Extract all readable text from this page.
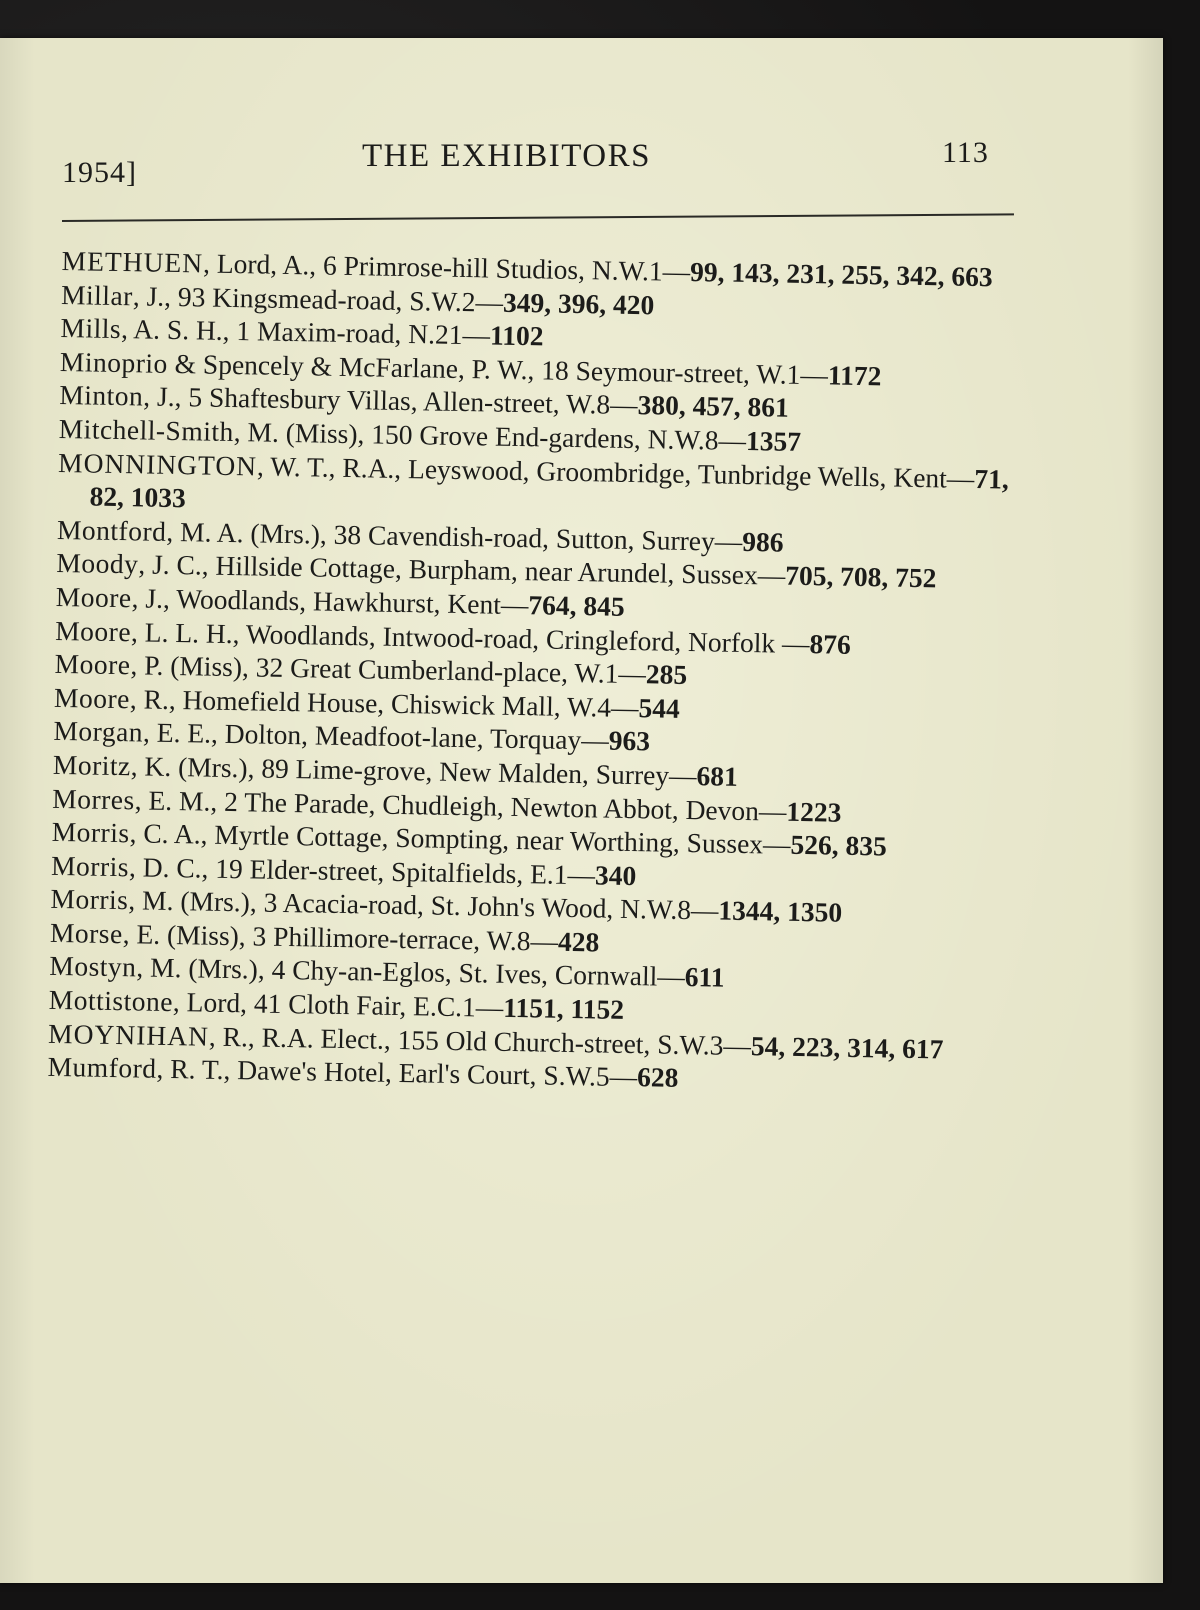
1954]	THE EXHIBITORS	113

METHUEN, Lord, A., 6 Primrose-hill Studios, N.W.1—99, 143, 231, 255, 342, 663

Millar, J., 93 Kingsmead-road, S.W.2—349, 396, 420

Mills, A. S. H., 1 Maxim-road, N.21—1102

Minoprio & Spencely & McFarlane, P. W., 18 Seymour-street, W.1—1172

Minton, J., 5 Shaftesbury Villas, Allen-street, W.8—380, 457, 861

Mitchell-Smith, M. (Miss), 150 Grove End-gardens, N.W.8—1357

MONNINGTON, W. T., R.A., Leyswood, Groombridge, Tunbridge Wells, Kent—71, 82, 1033

Montford, M. A. (Mrs.), 38 Cavendish-road, Sutton, Surrey—986

Moody, J. C., Hillside Cottage, Burpham, near Arundel, Sussex—705, 708, 752

Moore, J., Woodlands, Hawkhurst, Kent—764, 845

Moore, L. L. H., Woodlands, Intwood-road, Cringleford, Norfolk —876

Moore, P. (Miss), 32 Great Cumberland-place, W.1—285

Moore, R., Homefield House, Chiswick Mall, W.4—544

Morgan, E. E., Dolton, Meadfoot-lane, Torquay—963

Moritz, K. (Mrs.), 89 Lime-grove, New Malden, Surrey—681

Morres, E. M., 2 The Parade, Chudleigh, Newton Abbot, Devon—1223

Morris, C. A., Myrtle Cottage, Sompting, near Worthing, Sussex—526, 835

Morris, D. C., 19 Elder-street, Spitalfields, E.1—340

Morris, M. (Mrs.), 3 Acacia-road, St. John's Wood, N.W.8—1344, 1350

Morse, E. (Miss), 3 Phillimore-terrace, W.8—428

Mostyn, M. (Mrs.), 4 Chy-an-Eglos, St. Ives, Cornwall—611

Mottistone, Lord, 41 Cloth Fair, E.C.1—1151, 1152

MOYNIHAN, R., R.A. Elect., 155 Old Church-street, S.W.3—54, 223, 314, 617

Mumford, R. T., Dawe's Hotel, Earl's Court, S.W.5—628
